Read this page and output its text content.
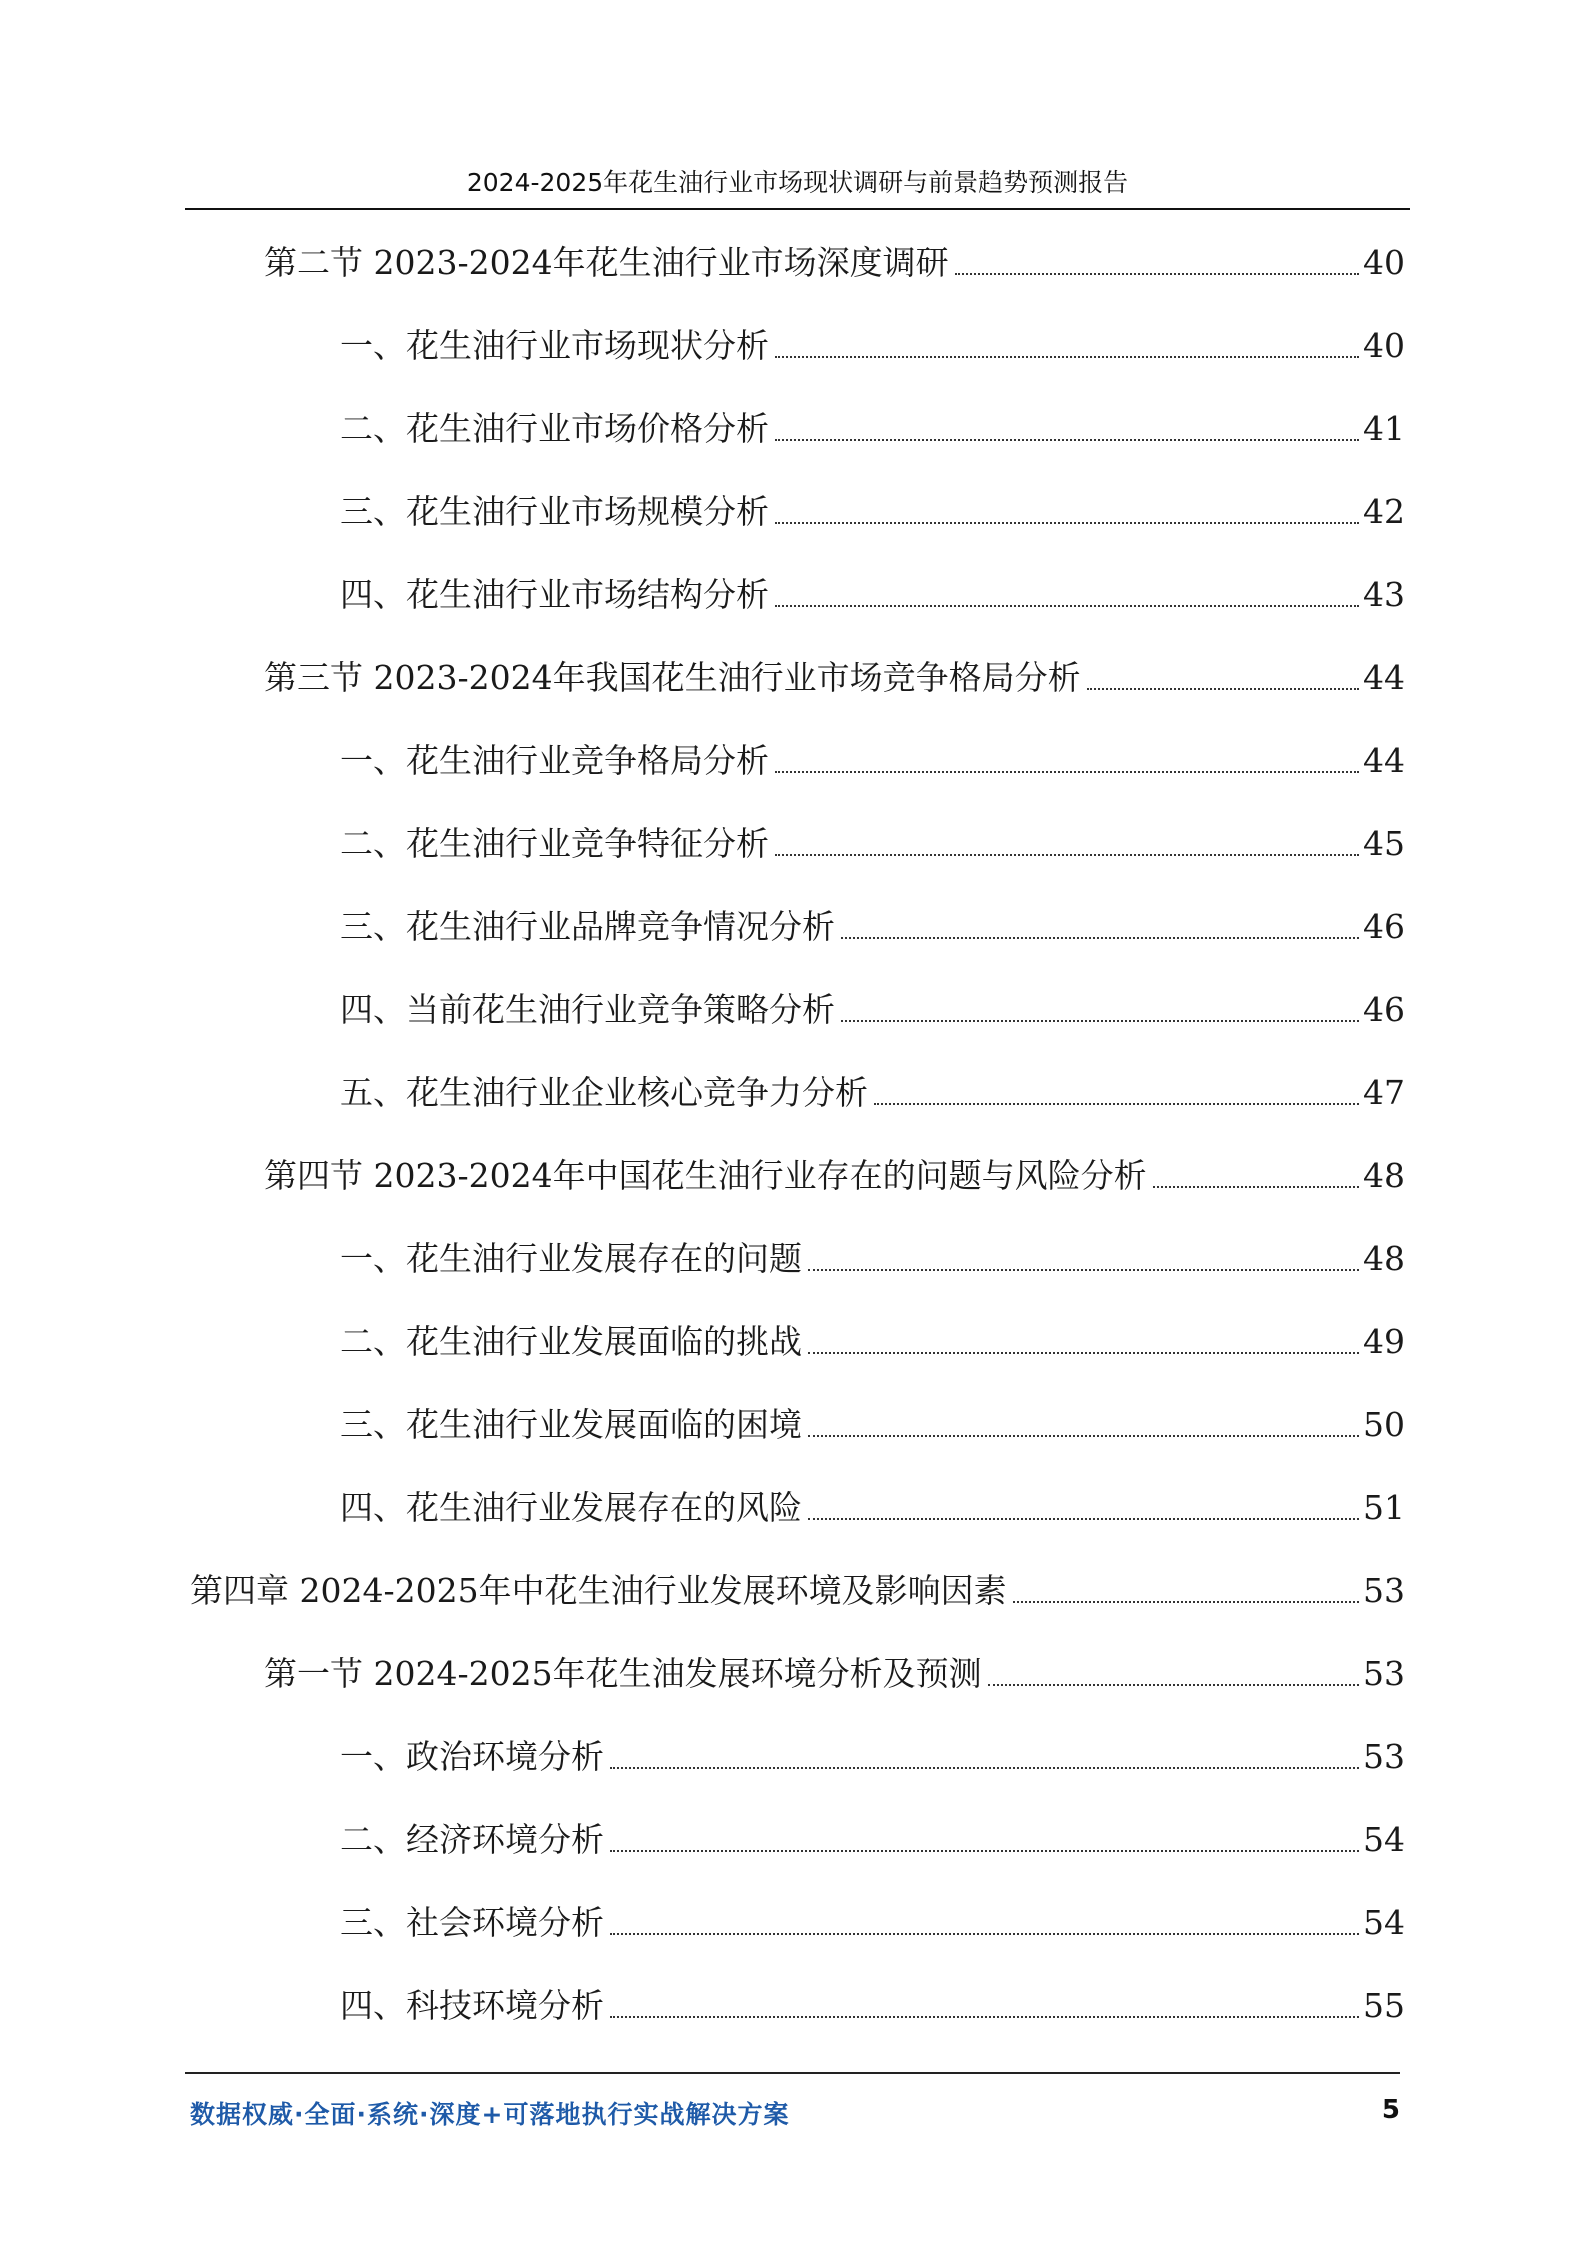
2024-2025年花生油行业市场现状调研与前景趋势预测报告
第二节 2023-2024年花生油行业市场深度调研	40
一、花生油行业市场现状分析	40
二、花生油行业市场价格分析	41
三、花生油行业市场规模分析	42
四、花生油行业市场结构分析	43
第三节 2023-2024年我国花生油行业市场竞争格局分析	44
一、花生油行业竞争格局分析	44
二、花生油行业竞争特征分析	45
三、花生油行业品牌竞争情况分析	46
四、当前花生油行业竞争策略分析	46
五、花生油行业企业核心竞争力分析	47
第四节 2023-2024年中国花生油行业存在的问题与风险分析	48
一、花生油行业发展存在的问题	48
二、花生油行业发展面临的挑战	49
三、花生油行业发展面临的困境	50
四、花生油行业发展存在的风险	51
第四章 2024-2025年中花生油行业发展环境及影响因素	53
第一节 2024-2025年花生油发展环境分析及预测	53
一、政治环境分析	53
二、经济环境分析	54
三、社会环境分析	54
四、科技环境分析	55
数据权威·全面·系统·深度+可落地执行实战解决方案	5
